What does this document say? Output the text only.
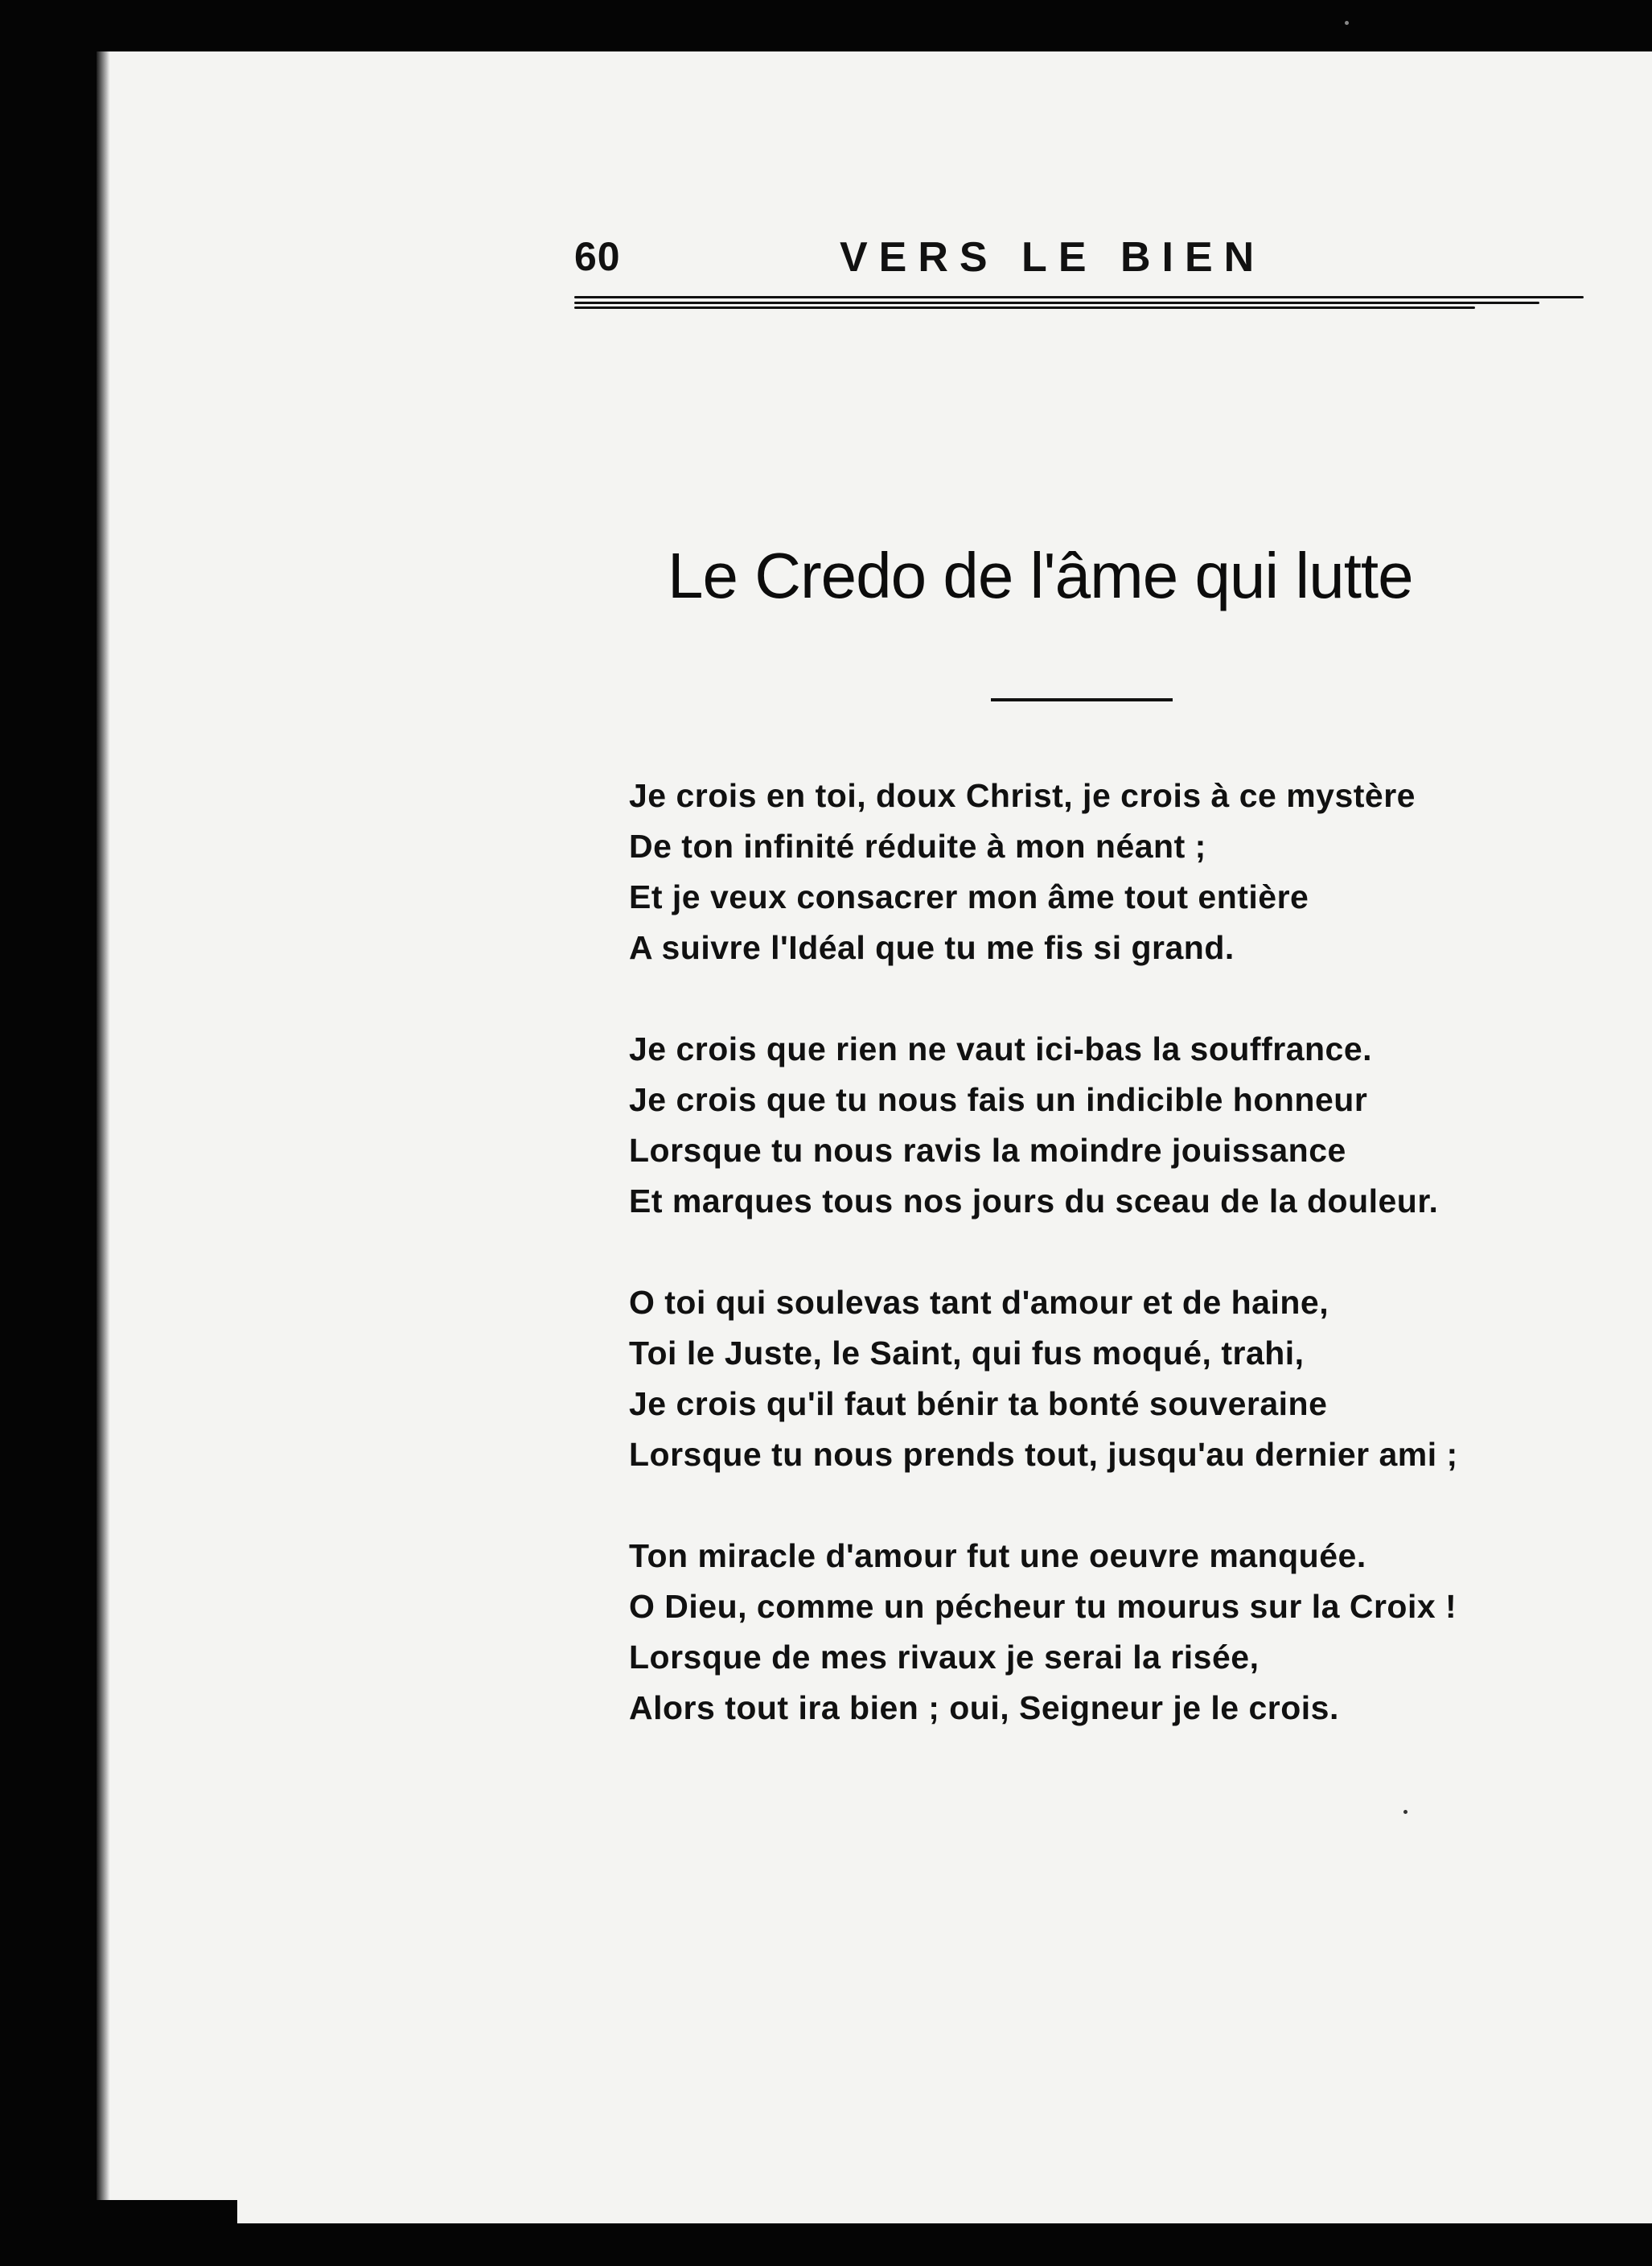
60	VERS LE BIEN
Le Credo de l'âme qui lutte
Je crois en toi, doux Christ, je crois à ce mystère
De ton infinité réduite à mon néant ;
Et je veux consacrer mon âme tout entière
A suivre l'Idéal que tu me fis si grand.
Je crois que rien ne vaut ici-bas la souffrance.
Je crois que tu nous fais un indicible honneur
Lorsque tu nous ravis la moindre jouissance
Et marques tous nos jours du sceau de la douleur.
O toi qui soulevas tant d'amour et de haine,
Toi le Juste, le Saint, qui fus moqué, trahi,
Je crois qu'il faut bénir ta bonté souveraine
Lorsque tu nous prends tout, jusqu'au dernier ami ;
Ton miracle d'amour fut une oeuvre manquée.
O Dieu, comme un pécheur tu mourus sur la Croix !
Lorsque de mes rivaux je serai la risée,
Alors tout ira bien ; oui, Seigneur je le crois.
